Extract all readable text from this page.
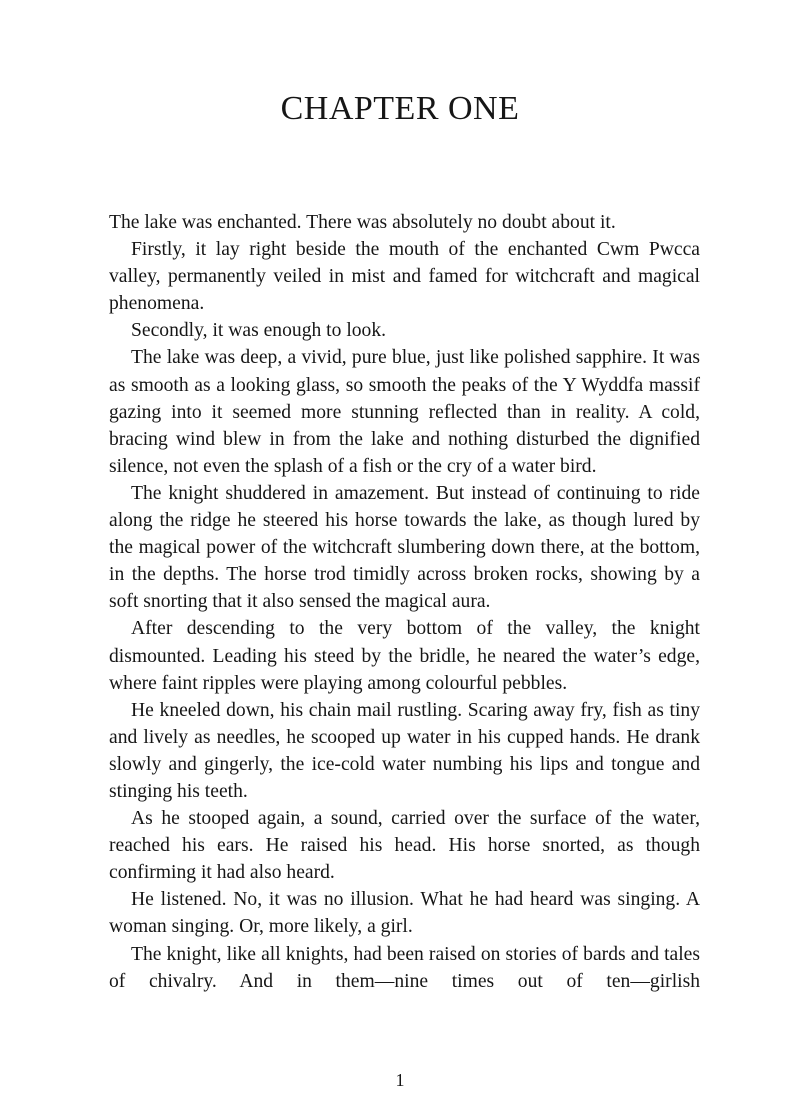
CHAPTER ONE

The lake was enchanted. There was absolutely no doubt about it.

Firstly, it lay right beside the mouth of the enchanted Cwm Pwcca valley, permanently veiled in mist and famed for witchcraft and magical phenomena.

Secondly, it was enough to look.

The lake was deep, a vivid, pure blue, just like polished sapphire. It was as smooth as a looking glass, so smooth the peaks of the Y Wyddfa massif gazing into it seemed more stunning reflected than in reality. A cold, bracing wind blew in from the lake and nothing disturbed the dignified silence, not even the splash of a fish or the cry of a water bird.

The knight shuddered in amazement. But instead of continuing to ride along the ridge he steered his horse towards the lake, as though lured by the magical power of the witchcraft slumbering down there, at the bottom, in the depths. The horse trod timidly across broken rocks, showing by a soft snorting that it also sensed the magical aura.

After descending to the very bottom of the valley, the knight dismounted. Leading his steed by the bridle, he neared the water’s edge, where faint ripples were playing among colourful pebbles.

He kneeled down, his chain mail rustling. Scaring away fry, fish as tiny and lively as needles, he scooped up water in his cupped hands. He drank slowly and gingerly, the ice-cold water numbing his lips and tongue and stinging his teeth.

As he stooped again, a sound, carried over the surface of the water, reached his ears. He raised his head. His horse snorted, as though confirming it had also heard.

He listened. No, it was no illusion. What he had heard was singing. A woman singing. Or, more likely, a girl.

The knight, like all knights, had been raised on stories of bards and tales of chivalry. And in them—nine times out of ten—girlish

1
